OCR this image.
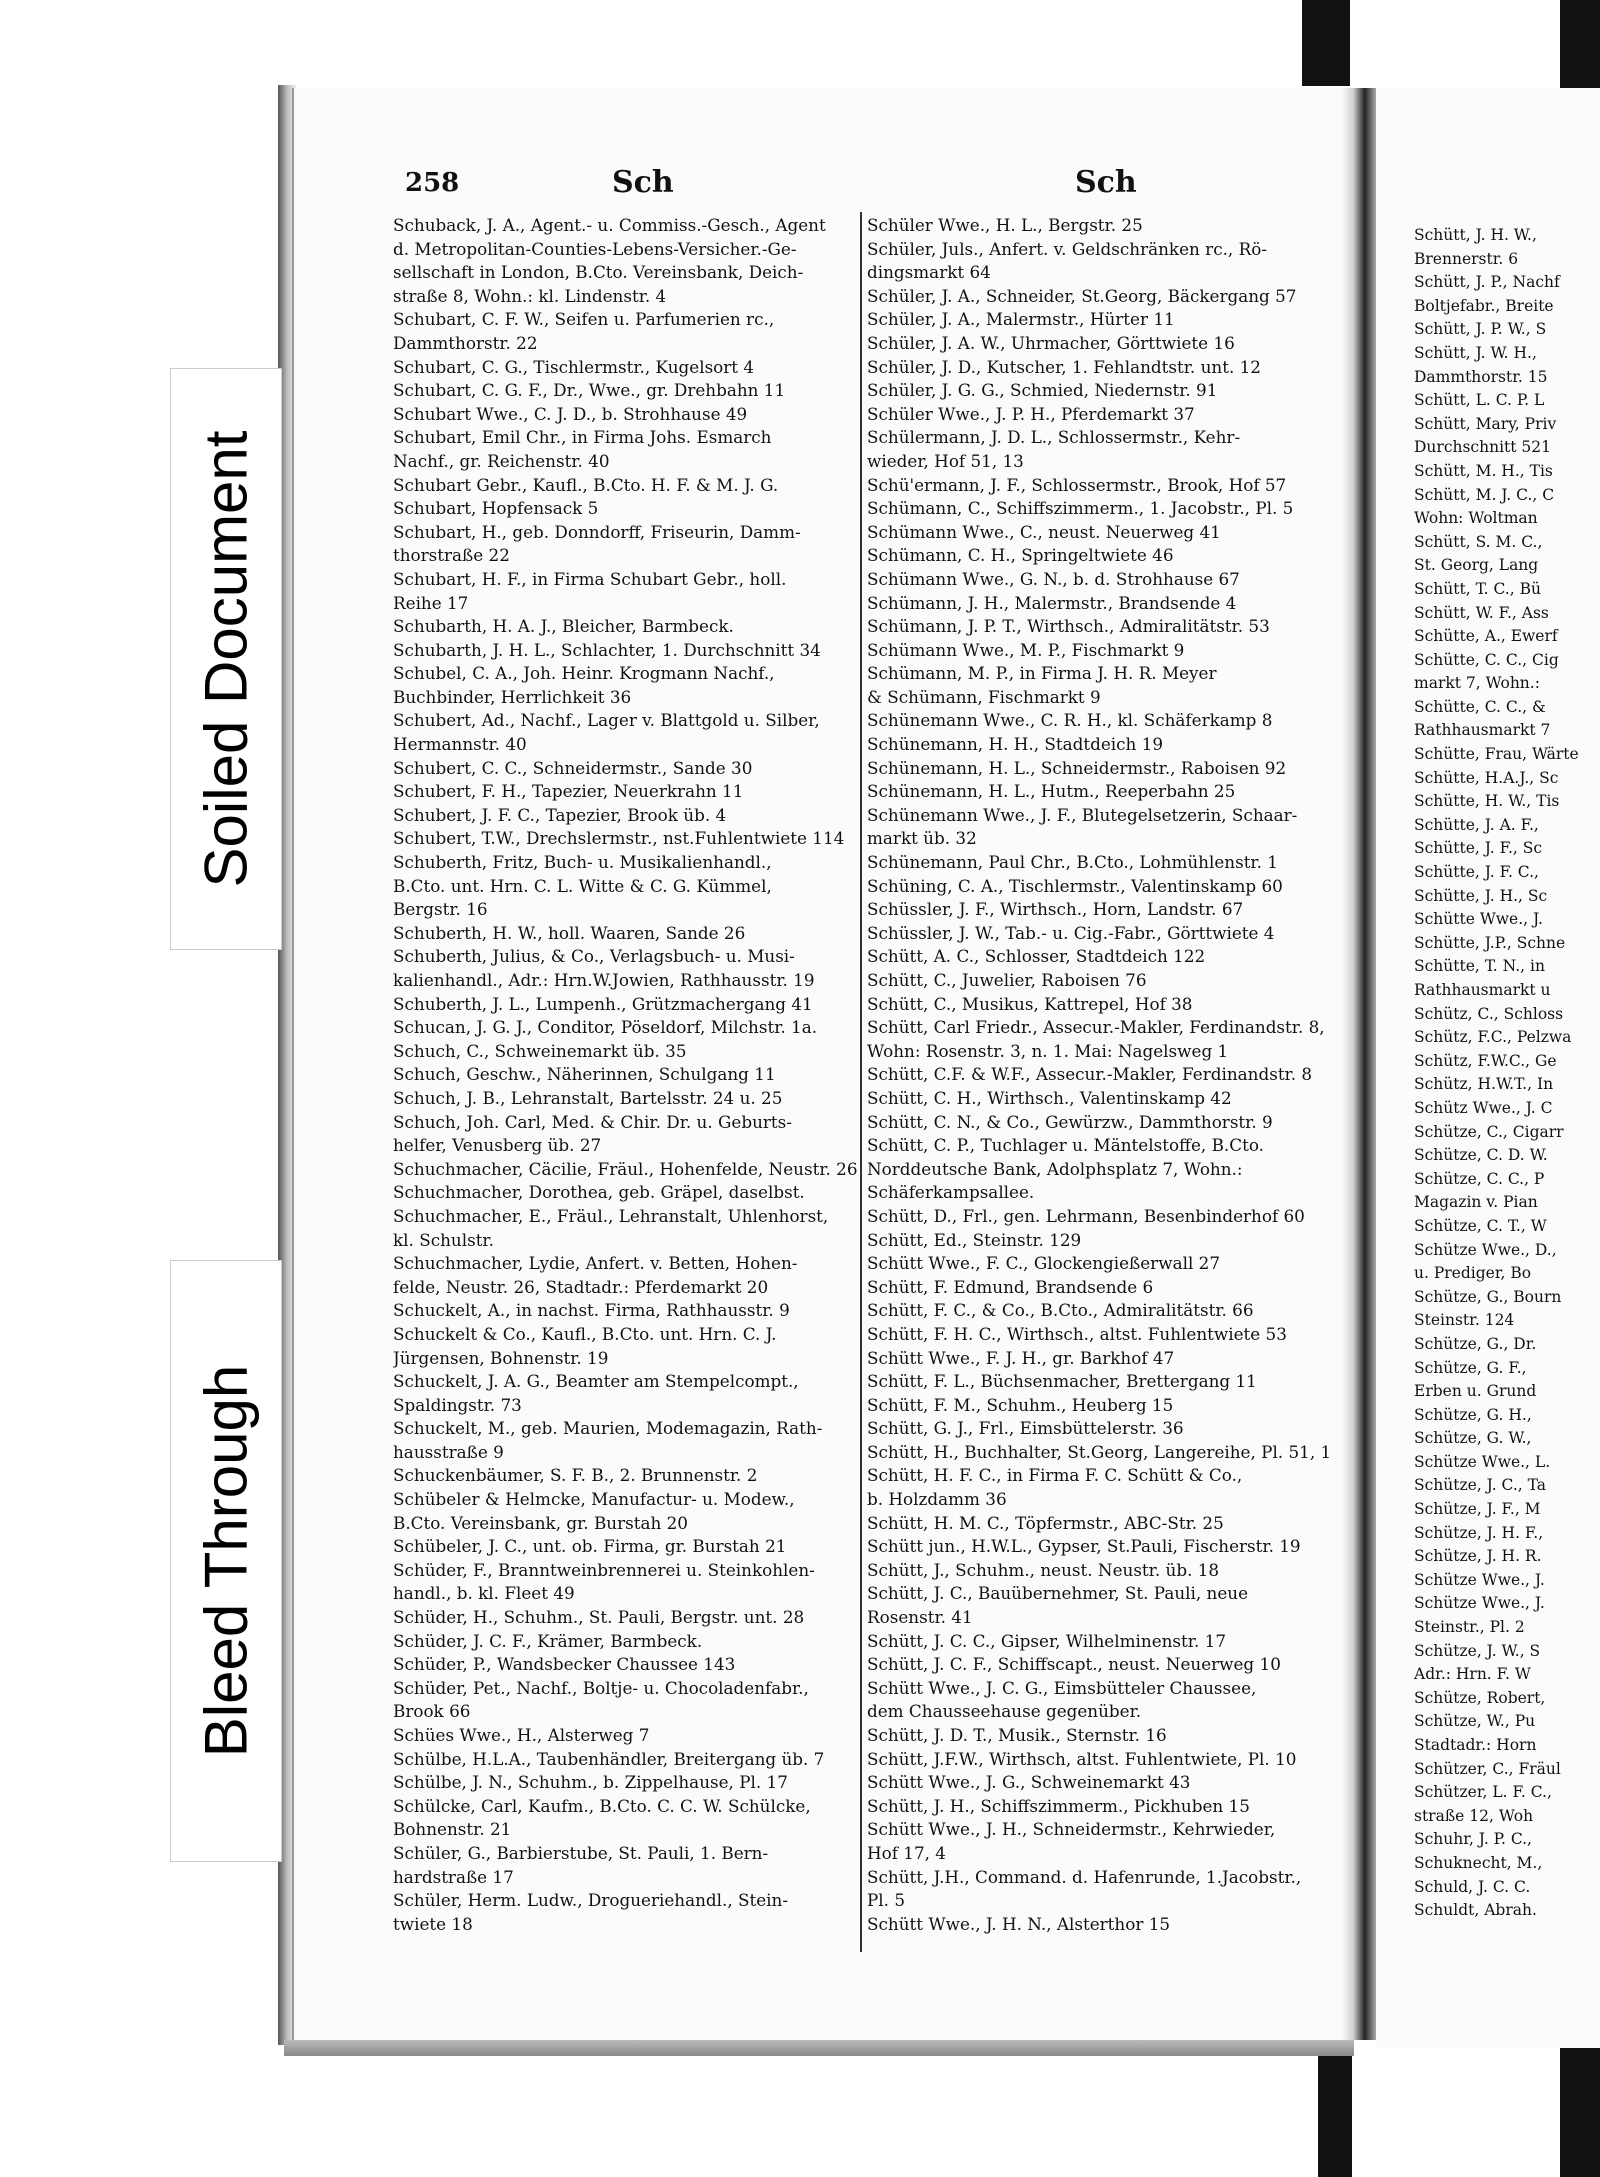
Schütt, J. H. W.,
Brennerstr. 6
Schütt, J. P., Nachf
Boltjefabr., Breite
Schütt, J. P. W., S
Schütt, J. W. H.,
Dammthorstr. 15
Schütt, L. C. P. L
Schütt, Mary, Priv
Durchschnitt 521
Schütt, M. H., Tis
Schütt, M. J. C., C
Wohn: Woltman
Schütt, S. M. C.,
St. Georg, Lang
Schütt, T. C., Bü
Schütt, W. F., Ass
Schütte, A., Ewerf
Schütte, C. C., Cig
markt 7, Wohn.:
Schütte, C. C., &
Rathhausmarkt 7
Schütte, Frau, Wärte
Schütte, H.A.J., Sc
Schütte, H. W., Tis
Schütte, J. A. F.,
Schütte, J. F., Sc
Schütte, J. F. C.,
Schütte, J. H., Sc
Schütte Wwe., J.
Schütte, J.P., Schne
Schütte, T. N., in
Rathhausmarkt u
Schütz, C., Schloss
Schütz, F.C., Pelzwa
Schütz, F.W.C., Ge
Schütz, H.W.T., In
Schütz Wwe., J. C
Schütze, C., Cigarr
Schütze, C. D. W.
Schütze, C. C., P
Magazin v. Pian
Schütze, C. T., W
Schütze Wwe., D.,
u. Prediger, Bo
Schütze, G., Bourn
Steinstr. 124
Schütze, G., Dr.
Schütze, G. F.,
Erben u. Grund
Schütze, G. H.,
Schütze, G. W.,
Schütze Wwe., L.
Schütze, J. C., Ta
Schütze, J. F., M
Schütze, J. H. F.,
Schütze, J. H. R.
Schütze Wwe., J.
Schütze Wwe., J.
Steinstr., Pl. 2
Schütze, J. W., S
Adr.: Hrn. F. W
Schütze, Robert,
Schütze, W., Pu
Stadtadr.: Horn
Schützer, C., Fräul
Schützer, L. F. C.,
straße 12, Woh
Schuhr, J. P. C.,
Schuknecht, M.,
Schuld, J. C. C.
Schuldt, Abrah.
258	Sch	Sch
Schuback, J. A., Agent.- u. Commiss.-Gesch., Agent
d. Metropolitan-Counties-Lebens-Versicher.-Ge-
sellschaft in London, B.Cto. Vereinsbank, Deich-
straße 8, Wohn.: kl. Lindenstr. 4
Schubart, C. F. W., Seifen u. Parfumerien rc.,
Dammthorstr. 22
Schubart, C. G., Tischlermstr., Kugelsort 4
Schubart, C. G. F., Dr., Wwe., gr. Drehbahn 11
Schubart Wwe., C. J. D., b. Strohhause 49
Schubart, Emil Chr., in Firma Johs. Esmarch
Nachf., gr. Reichenstr. 40
Schubart Gebr., Kaufl., B.Cto. H. F. & M. J. G.
Schubart, Hopfensack 5
Schubart, H., geb. Donndorff, Friseurin, Damm-
thorstraße 22
Schubart, H. F., in Firma Schubart Gebr., holl.
Reihe 17
Schubarth, H. A. J., Bleicher, Barmbeck.
Schubarth, J. H. L., Schlachter, 1. Durchschnitt 34
Schubel, C. A., Joh. Heinr. Krogmann Nachf.,
Buchbinder, Herrlichkeit 36
Schubert, Ad., Nachf., Lager v. Blattgold u. Silber,
Hermannstr. 40
Schubert, C. C., Schneidermstr., Sande 30
Schubert, F. H., Tapezier, Neuerkrahn 11
Schubert, J. F. C., Tapezier, Brook üb. 4
Schubert, T.W., Drechslermstr., nst.Fuhlentwiete 114
Schuberth, Fritz, Buch- u. Musikalienhandl.,
B.Cto. unt. Hrn. C. L. Witte & C. G. Kümmel,
Bergstr. 16
Schuberth, H. W., holl. Waaren, Sande 26
Schuberth, Julius, & Co., Verlagsbuch- u. Musi-
kalienhandl., Adr.: Hrn.W.Jowien, Rathhausstr. 19
Schuberth, J. L., Lumpenh., Grützmachergang 41
Schucan, J. G. J., Conditor, Pöseldorf, Milchstr. 1a.
Schuch, C., Schweinemarkt üb. 35
Schuch, Geschw., Näherinnen, Schulgang 11
Schuch, J. B., Lehranstalt, Bartelsstr. 24 u. 25
Schuch, Joh. Carl, Med. & Chir. Dr. u. Geburts-
helfer, Venusberg üb. 27
Schuchmacher, Cäcilie, Fräul., Hohenfelde, Neustr. 26
Schuchmacher, Dorothea, geb. Gräpel, daselbst.
Schuchmacher, E., Fräul., Lehranstalt, Uhlenhorst,
kl. Schulstr.
Schuchmacher, Lydie, Anfert. v. Betten, Hohen-
felde, Neustr. 26, Stadtadr.: Pferdemarkt 20
Schuckelt, A., in nachst. Firma, Rathhausstr. 9
Schuckelt & Co., Kaufl., B.Cto. unt. Hrn. C. J.
Jürgensen, Bohnenstr. 19
Schuckelt, J. A. G., Beamter am Stempelcompt.,
Spaldingstr. 73
Schuckelt, M., geb. Maurien, Modemagazin, Rath-
hausstraße 9
Schuckenbäumer, S. F. B., 2. Brunnenstr. 2
Schübeler & Helmcke, Manufactur- u. Modew.,
B.Cto. Vereinsbank, gr. Burstah 20
Schübeler, J. C., unt. ob. Firma, gr. Burstah 21
Schüder, F., Branntweinbrennerei u. Steinkohlen-
handl., b. kl. Fleet 49
Schüder, H., Schuhm., St. Pauli, Bergstr. unt. 28
Schüder, J. C. F., Krämer, Barmbeck.
Schüder, P., Wandsbecker Chaussee 143
Schüder, Pet., Nachf., Boltje- u. Chocoladenfabr.,
Brook 66
Schües Wwe., H., Alsterweg 7
Schülbe, H.L.A., Taubenhändler, Breitergang üb. 7
Schülbe, J. N., Schuhm., b. Zippelhause, Pl. 17
Schülcke, Carl, Kaufm., B.Cto. C. C. W. Schülcke,
Bohnenstr. 21
Schüler, G., Barbierstube, St. Pauli, 1. Bern-
hardstraße 17
Schüler, Herm. Ludw., Drogueriehandl., Stein-
twiete 18
Schüler Wwe., H. L., Bergstr. 25
Schüler, Juls., Anfert. v. Geldschränken rc., Rö-
dingsmarkt 64
Schüler, J. A., Schneider, St.Georg, Bäckergang 57
Schüler, J. A., Malermstr., Hürter 11
Schüler, J. A. W., Uhrmacher, Görttwiete 16
Schüler, J. D., Kutscher, 1. Fehlandtstr. unt. 12
Schüler, J. G. G., Schmied, Niedernstr. 91
Schüler Wwe., J. P. H., Pferdemarkt 37
Schülermann, J. D. L., Schlossermstr., Kehr-
wieder, Hof 51, 13
Schü'ermann, J. F., Schlossermstr., Brook, Hof 57
Schümann, C., Schiffszimmerm., 1. Jacobstr., Pl. 5
Schümann Wwe., C., neust. Neuerweg 41
Schümann, C. H., Springeltwiete 46
Schümann Wwe., G. N., b. d. Strohhause 67
Schümann, J. H., Malermstr., Brandsende 4
Schümann, J. P. T., Wirthsch., Admiralitätstr. 53
Schümann Wwe., M. P., Fischmarkt 9
Schümann, M. P., in Firma J. H. R. Meyer
& Schümann, Fischmarkt 9
Schünemann Wwe., C. R. H., kl. Schäferkamp 8
Schünemann, H. H., Stadtdeich 19
Schünemann, H. L., Schneidermstr., Raboisen 92
Schünemann, H. L., Hutm., Reeperbahn 25
Schünemann Wwe., J. F., Blutegelsetzerin, Schaar-
markt üb. 32
Schünemann, Paul Chr., B.Cto., Lohmühlenstr. 1
Schüning, C. A., Tischlermstr., Valentinskamp 60
Schüssler, J. F., Wirthsch., Horn, Landstr. 67
Schüssler, J. W., Tab.- u. Cig.-Fabr., Görttwiete 4
Schütt, A. C., Schlosser, Stadtdeich 122
Schütt, C., Juwelier, Raboisen 76
Schütt, C., Musikus, Kattrepel, Hof 38
Schütt, Carl Friedr., Assecur.-Makler, Ferdinandstr. 8,
Wohn: Rosenstr. 3, n. 1. Mai: Nagelsweg 1
Schütt, C.F. & W.F., Assecur.-Makler, Ferdinandstr. 8
Schütt, C. H., Wirthsch., Valentinskamp 42
Schütt, C. N., & Co., Gewürzw., Dammthorstr. 9
Schütt, C. P., Tuchlager u. Mäntelstoffe, B.Cto.
Norddeutsche Bank, Adolphsplatz 7, Wohn.:
Schäferkampsallee.
Schütt, D., Frl., gen. Lehrmann, Besenbinderhof 60
Schütt, Ed., Steinstr. 129
Schütt Wwe., F. C., Glockengießerwall 27
Schütt, F. Edmund, Brandsende 6
Schütt, F. C., & Co., B.Cto., Admiralitätstr. 66
Schütt, F. H. C., Wirthsch., altst. Fuhlentwiete 53
Schütt Wwe., F. J. H., gr. Barkhof 47
Schütt, F. L., Büchsenmacher, Brettergang 11
Schütt, F. M., Schuhm., Heuberg 15
Schütt, G. J., Frl., Eimsbüttelerstr. 36
Schütt, H., Buchhalter, St.Georg, Langereihe, Pl. 51, 1
Schütt, H. F. C., in Firma F. C. Schütt & Co.,
b. Holzdamm 36
Schütt, H. M. C., Töpfermstr., ABC-Str. 25
Schütt jun., H.W.L., Gypser, St.Pauli, Fischerstr. 19
Schütt, J., Schuhm., neust. Neustr. üb. 18
Schütt, J. C., Bauübernehmer, St. Pauli, neue
Rosenstr. 41
Schütt, J. C. C., Gipser, Wilhelminenstr. 17
Schütt, J. C. F., Schiffscapt., neust. Neuerweg 10
Schütt Wwe., J. C. G., Eimsbütteler Chaussee,
dem Chausseehause gegenüber.
Schütt, J. D. T., Musik., Sternstr. 16
Schütt, J.F.W., Wirthsch, altst. Fuhlentwiete, Pl. 10
Schütt Wwe., J. G., Schweinemarkt 43
Schütt, J. H., Schiffszimmerm., Pickhuben 15
Schütt Wwe., J. H., Schneidermstr., Kehrwieder,
Hof 17, 4
Schütt, J.H., Command. d. Hafenrunde, 1.Jacobstr.,
Pl. 5
Schütt Wwe., J. H. N., Alsterthor 15
Soiled Document
Bleed Through
